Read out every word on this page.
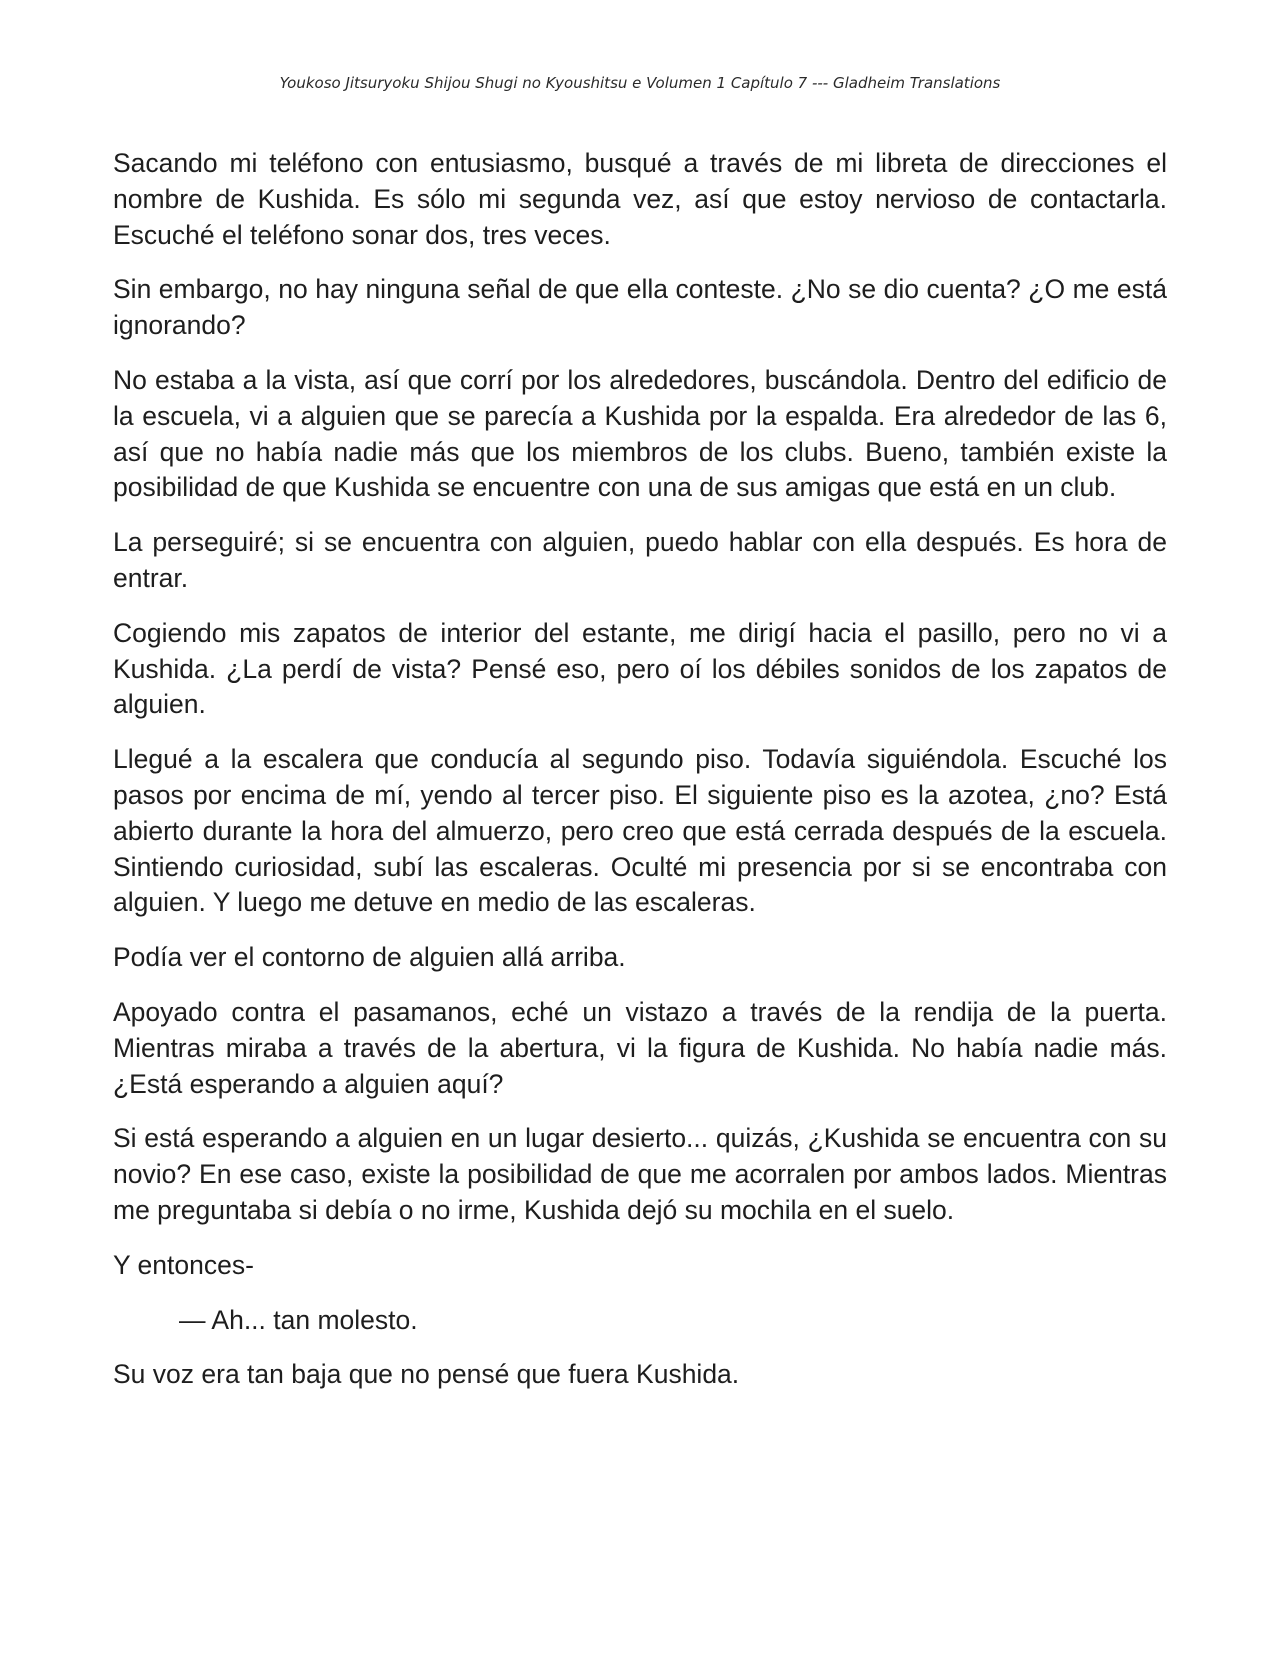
Youkoso Jitsuryoku Shijou Shugi no Kyoushitsu e Volumen 1 Capítulo 7 --- Gladheim Translations

Sacando mi teléfono con entusiasmo, busqué a través de mi libreta de direcciones el nombre de Kushida. Es sólo mi segunda vez, así que estoy nervioso de contactarla. Escuché el teléfono sonar dos, tres veces.

Sin embargo, no hay ninguna señal de que ella conteste. ¿No se dio cuenta? ¿O me está ignorando?

No estaba a la vista, así que corrí por los alrededores, buscándola. Dentro del edificio de la escuela, vi a alguien que se parecía a Kushida por la espalda. Era alrededor de las 6, así que no había nadie más que los miembros de los clubs. Bueno, también existe la posibilidad de que Kushida se encuentre con una de sus amigas que está en un club.

La perseguiré; si se encuentra con alguien, puedo hablar con ella después. Es hora de entrar.

Cogiendo mis zapatos de interior del estante, me dirigí hacia el pasillo, pero no vi a Kushida. ¿La perdí de vista? Pensé eso, pero oí los débiles sonidos de los zapatos de alguien.

Llegué a la escalera que conducía al segundo piso. Todavía siguiéndola. Escuché los pasos por encima de mí, yendo al tercer piso. El siguiente piso es la azotea, ¿no? Está abierto durante la hora del almuerzo, pero creo que está cerrada después de la escuela. Sintiendo curiosidad, subí las escaleras. Oculté mi presencia por si se encontraba con alguien. Y luego me detuve en medio de las escaleras.

Podía ver el contorno de alguien allá arriba.

Apoyado contra el pasamanos, eché un vistazo a través de la rendija de la puerta. Mientras miraba a través de la abertura, vi la figura de Kushida. No había nadie más. ¿Está esperando a alguien aquí?

Si está esperando a alguien en un lugar desierto... quizás, ¿Kushida se encuentra con su novio? En ese caso, existe la posibilidad de que me acorralen por ambos lados. Mientras me preguntaba si debía o no irme, Kushida dejó su mochila en el suelo.

Y entonces-

— Ah... tan molesto.

Su voz era tan baja que no pensé que fuera Kushida.
